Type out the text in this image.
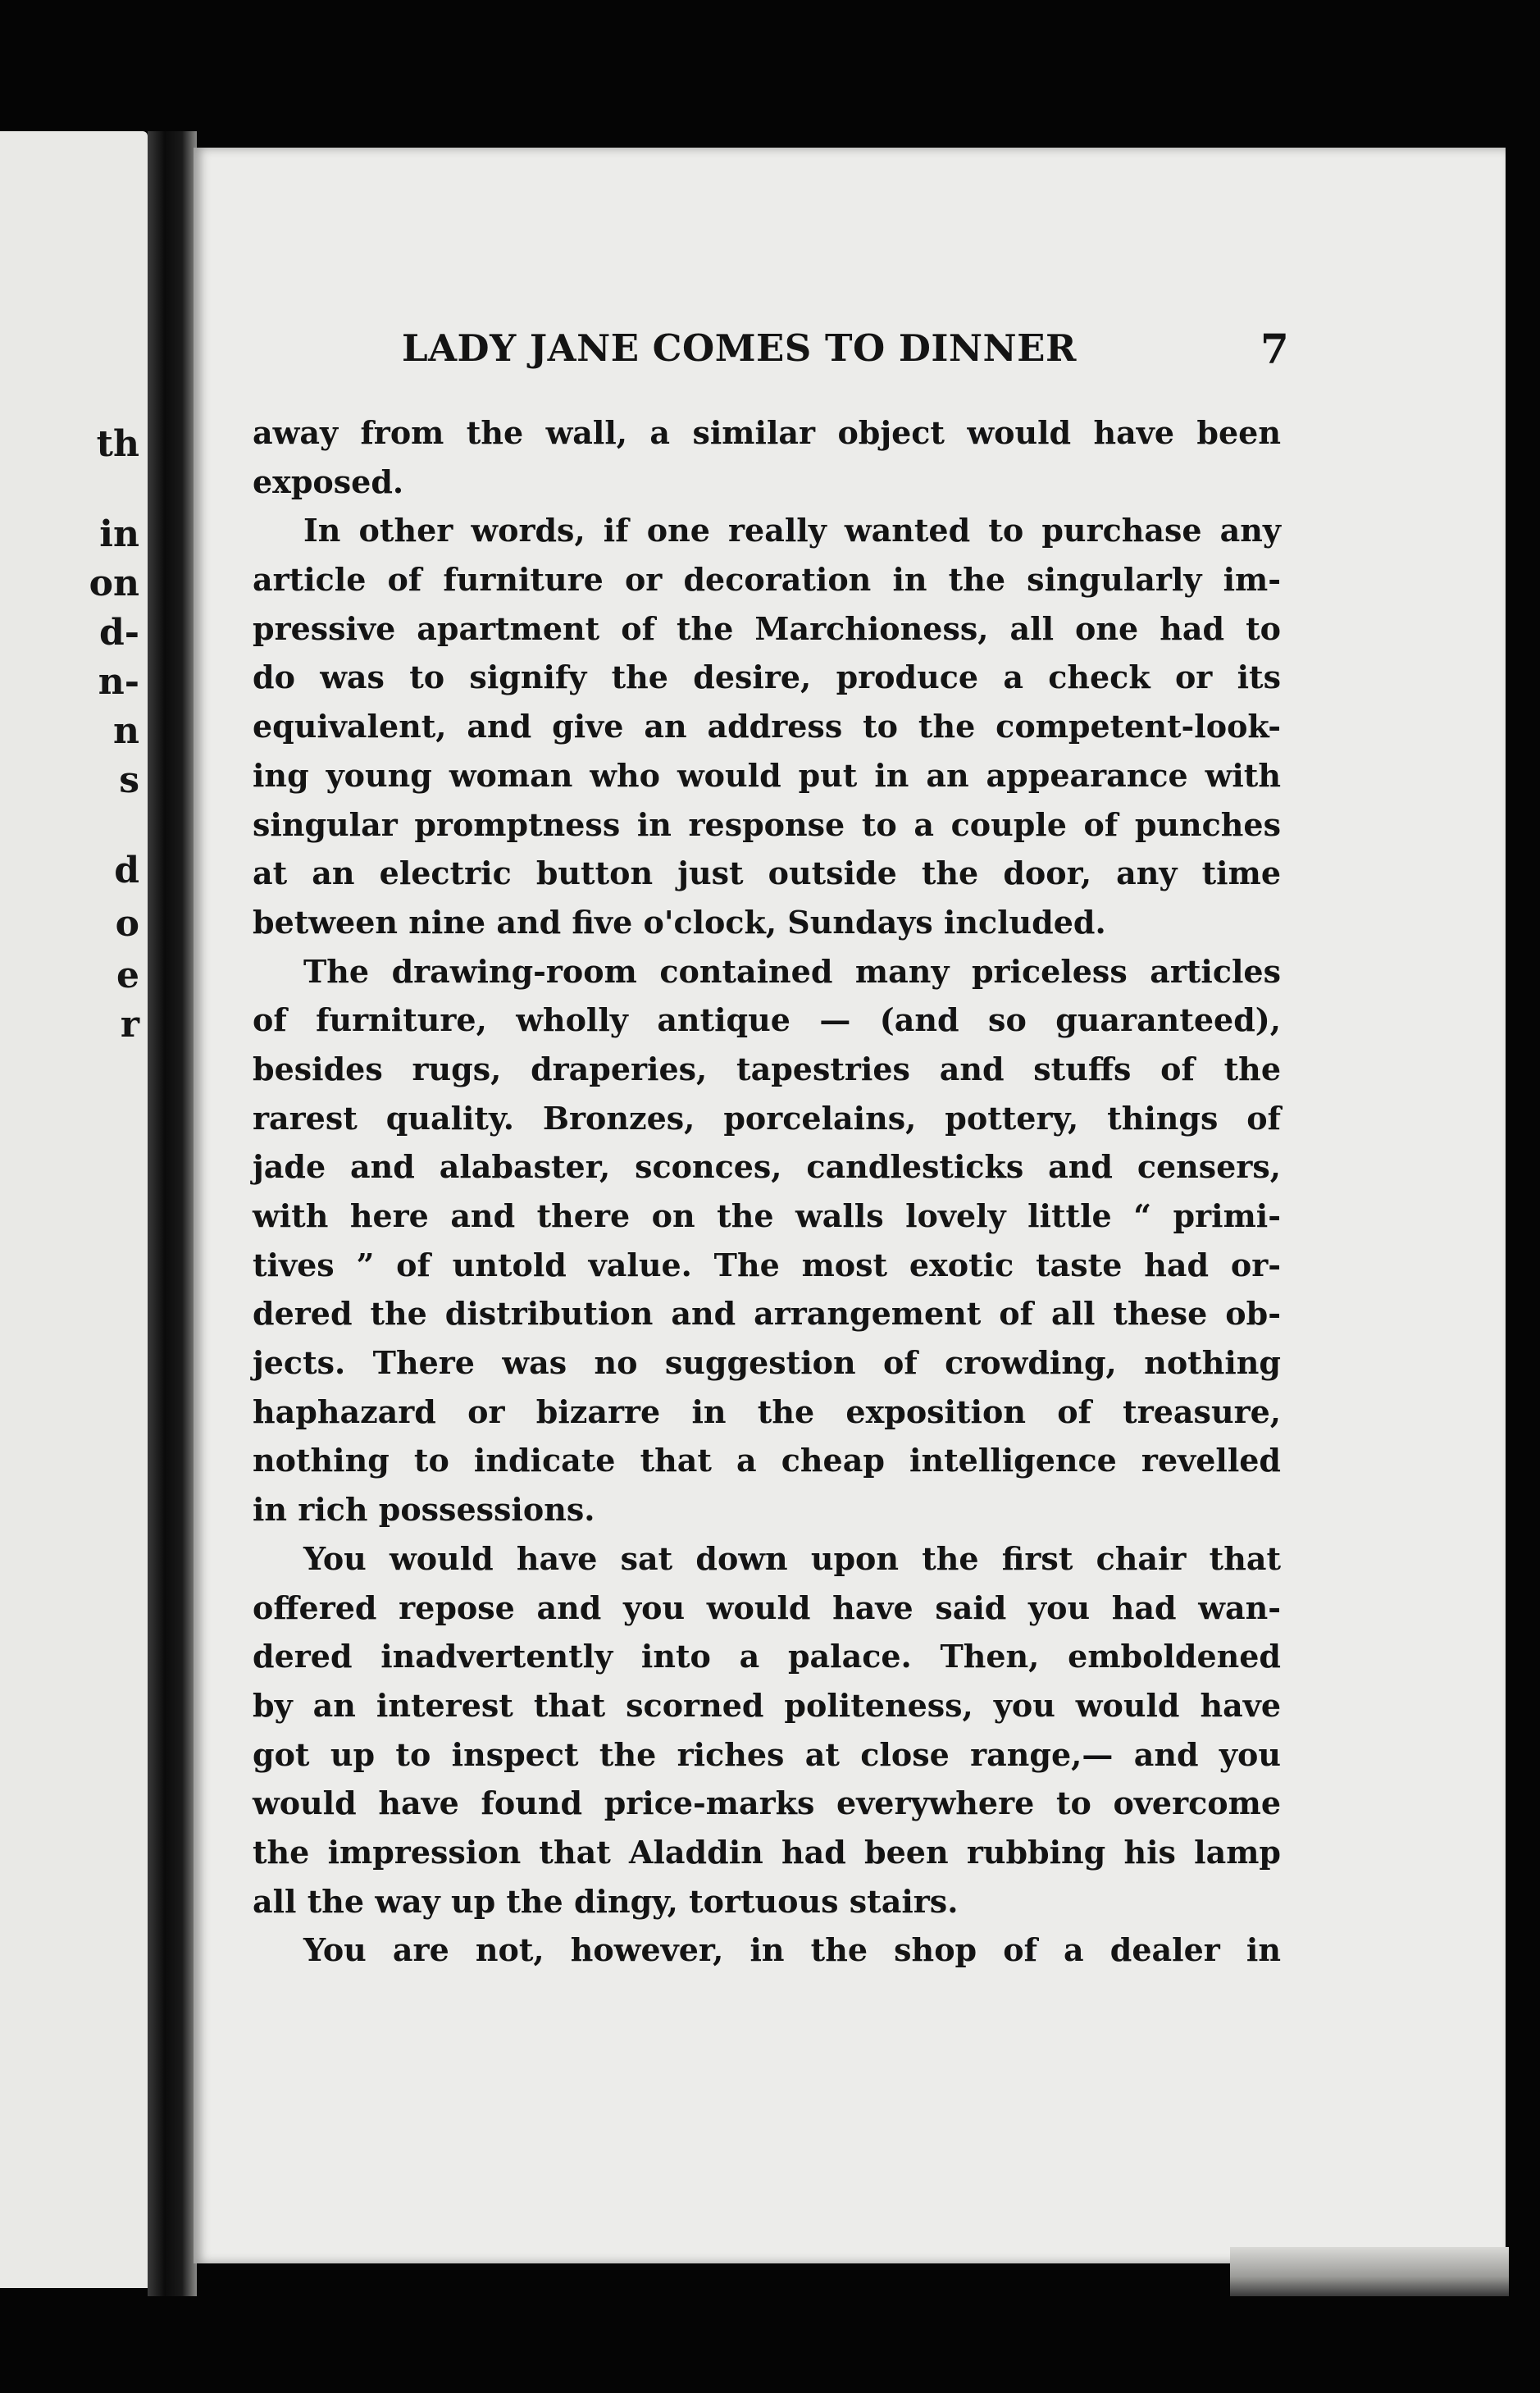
th
in
on
d-
n-
n
s
d
o
e
r
LADY JANE COMES TO DINNER	7
away from the wall, a similar object would have been
exposed.
In other words, if one really wanted to purchase any
article of furniture or decoration in the singularly im-
pressive apartment of the Marchioness, all one had to
do was to signify the desire, produce a check or its
equivalent, and give an address to the competent-look-
ing young woman who would put in an appearance with
singular promptness in response to a couple of punches
at an electric button just outside the door, any time
between nine and five o'clock, Sundays included.
The drawing-room contained many priceless articles
of furniture, wholly antique — (and so guaranteed),
besides rugs, draperies, tapestries and stuffs of the
rarest quality. Bronzes, porcelains, pottery, things of
jade and alabaster, sconces, candlesticks and censers,
with here and there on the walls lovely little “ primi-
tives ” of untold value. The most exotic taste had or-
dered the distribution and arrangement of all these ob-
jects. There was no suggestion of crowding, nothing
haphazard or bizarre in the exposition of treasure,
nothing to indicate that a cheap intelligence revelled
in rich possessions.
You would have sat down upon the first chair that
offered repose and you would have said you had wan-
dered inadvertently into a palace. Then, emboldened
by an interest that scorned politeness, you would have
got up to inspect the riches at close range,— and you
would have found price-marks everywhere to overcome
the impression that Aladdin had been rubbing his lamp
all the way up the dingy, tortuous stairs.
You are not, however, in the shop of a dealer in
